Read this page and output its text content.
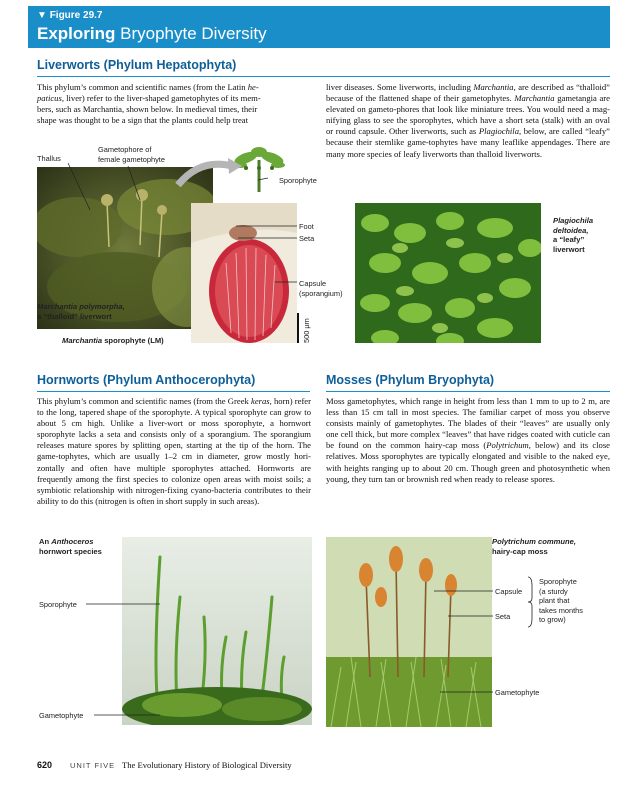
▼ Figure 29.7
Exploring Bryophyte Diversity
Liverworts (Phylum Hepatophyta)

This phylum’s common and scientific names (from the Latin he-
paticus, liver) refer to the liver-shaped gametophytes of its mem-
bers, such as Marchantia, shown below. In medieval times, their
shape was thought to be a sign that the plants could help treat

liver diseases. Some liverworts, including Marchantia, are described as “thalloid” because of the flattened shape of their gametophytes. Marchantia gametangia are elevated on gameto-phores that look like miniature trees. You would need a mag-nifying glass to see the sporophytes, which have a short seta (stalk) with an oval or round capsule. Other liverworts, such as Plagiochila, below, are called “leafy” because their stemlike game-tophytes have many leaflike appendages. There are many more species of leafy liverworts than thalloid liverworts.

Thallus
Gametophore of
female gametophyte
Sporophyte
Foot
Seta
Capsule
(sporangium)
500 μm
Marchantia polymorpha,
a “thalloid” liverwort
Marchantia sporophyte (LM)
Plagiochila
deltoidea,
a “leafy”
liverwort
Hornworts (Phylum Anthocerophyta)

This phylum’s common and scientific names (from the Greek keras, horn) refer to the long, tapered shape of the sporophyte. A typical sporophyte can grow to about 5 cm high. Unlike a liver-wort or moss sporophyte, a hornwort sporophyte lacks a seta and consists only of a sporangium. The sporangium releases mature spores by splitting open, starting at the tip of the horn. The game-tophytes, which are usually 1–2 cm in diameter, grow mostly hori-zontally and often have multiple sporophytes attached. Hornworts are frequently among the first species to colonize open areas with moist soils; a symbiotic relationship with nitrogen-fixing cyano-bacteria contributes to their ability to do this (nitrogen is often in short supply in such areas).

An Anthoceros
hornwort species
Sporophyte
Gametophyte
Mosses (Phylum Bryophyta)

Moss gametophytes, which range in height from less than 1 mm to up to 2 m, are less than 15 cm tall in most species. The familiar carpet of moss you observe consists mainly of gametophytes. The blades of their “leaves” are usually only one cell thick, but more complex “leaves” that have ridges coated with cuticle can be found on the common hairy-cap moss (Polytrichum, below) and its close relatives. Moss sporophytes are typically elongated and visible to the naked eye, with heights ranging up to about 20 cm. Though green and photosynthetic when young, they turn tan or brownish red when ready to release spores.

Polytrichum commune,
hairy-cap moss
Capsule
Seta
Sporophyte
(a sturdy
plant that
takes months
to grow)
Gametophyte
620 UNIT FIVE The Evolutionary History of Biological Diversity
